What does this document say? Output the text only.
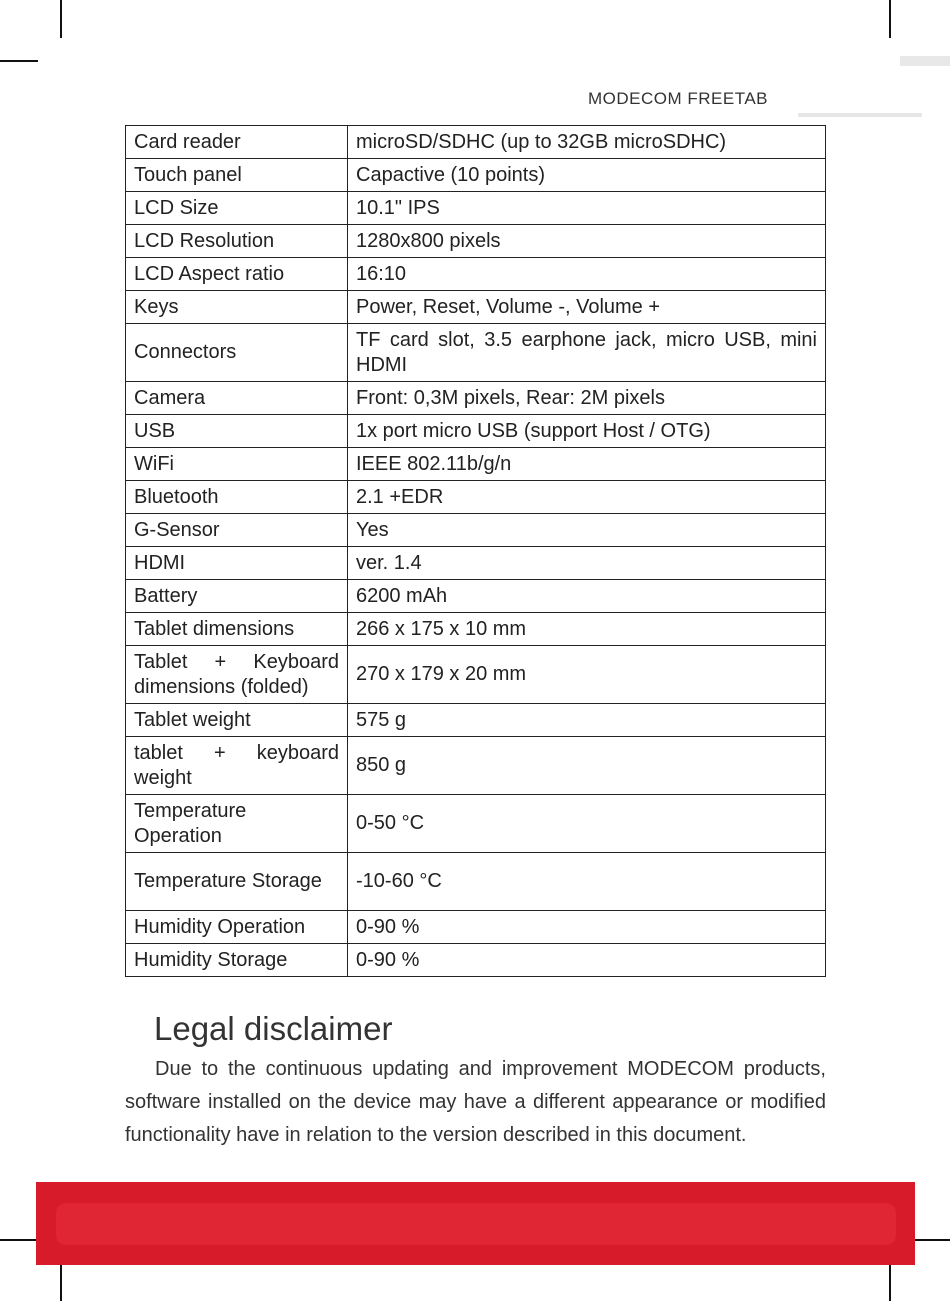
MODECOM FREETAB
Card reader	microSD/SDHC (up to 32GB microSDHC)
Touch panel	Capactive (10 points)
LCD Size	10.1" IPS
LCD Resolution	1280x800 pixels
LCD Aspect ratio	16:10
Keys	Power, Reset, Volume -, Volume +
Connectors	TF card slot, 3.5 earphone jack, micro USB, mini HDMI
Camera	Front: 0,3M pixels, Rear: 2M pixels
USB	1x port micro USB (support Host / OTG)
WiFi	IEEE 802.11b/g/n
Bluetooth	2.1 +EDR
G-Sensor	Yes
HDMI	ver. 1.4
Battery	6200 mAh
Tablet dimensions	266 x 175 x 10 mm
Tablet + Keyboard dimensions (folded)	270 x 179 x 20 mm
Tablet weight	575 g
tablet + keyboard weight	850 g
Temperature Operation	0-50 °C
Temperature Storage	-10-60 °C
Humidity Operation	0-90 %
Humidity Storage	0-90 %
Legal disclaimer
Due to the continuous updating and improvement MODECOM products, software installed on the device may have a different appearance or modified functionality have in relation to the version described in this document.
